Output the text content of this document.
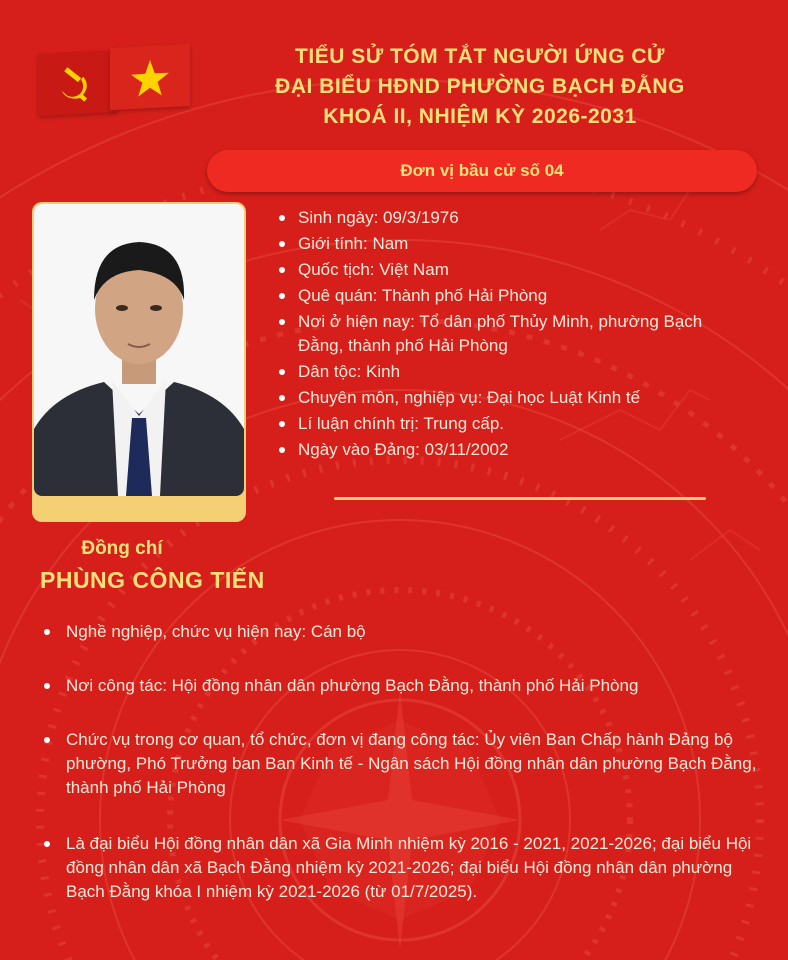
TIỂU SỬ TÓM TẮT NGƯỜI ỨNG CỬ
ĐẠI BIỂU HĐND PHƯỜNG BẠCH ĐẰNG
KHOÁ II, NHIỆM KỲ 2026-2031
Đơn vị bầu cử số 04
Sinh ngày: 09/3/1976
Giới tính: Nam
Quốc tịch: Việt Nam
Quê quán: Thành phố Hải Phòng
Nơi ở hiện nay: Tổ dân phố Thủy Minh, phường Bạch Đằng, thành phố Hải Phòng
Dân tộc: Kinh
Chuyên môn, nghiệp vụ: Đại học Luật Kinh tế
Lí luận chính trị: Trung cấp.
Ngày vào Đảng: 03/11/2002
Đồng chí
PHÙNG CÔNG TIẾN
Nghề nghiệp, chức vụ hiện nay: Cán bộ
Nơi công tác: Hội đồng nhân dân phường Bạch Đằng, thành phố Hải Phòng
Chức vụ trong cơ quan, tổ chức, đơn vị đang công tác: Ủy viên Ban Chấp hành Đảng bộ phường, Phó Trưởng ban Ban Kinh tế - Ngân sách Hội đồng nhân dân phường Bạch Đằng, thành phố Hải Phòng
Là đại biểu Hội đồng nhân dân xã Gia Minh nhiệm kỳ 2016 - 2021, 2021-2026; đại biểu Hội đồng nhân dân xã Bạch Đằng nhiệm kỳ 2021-2026; đại biểu Hội đồng nhân dân phường Bạch Đằng khóa I nhiệm kỳ 2021-2026 (từ 01/7/2025).
